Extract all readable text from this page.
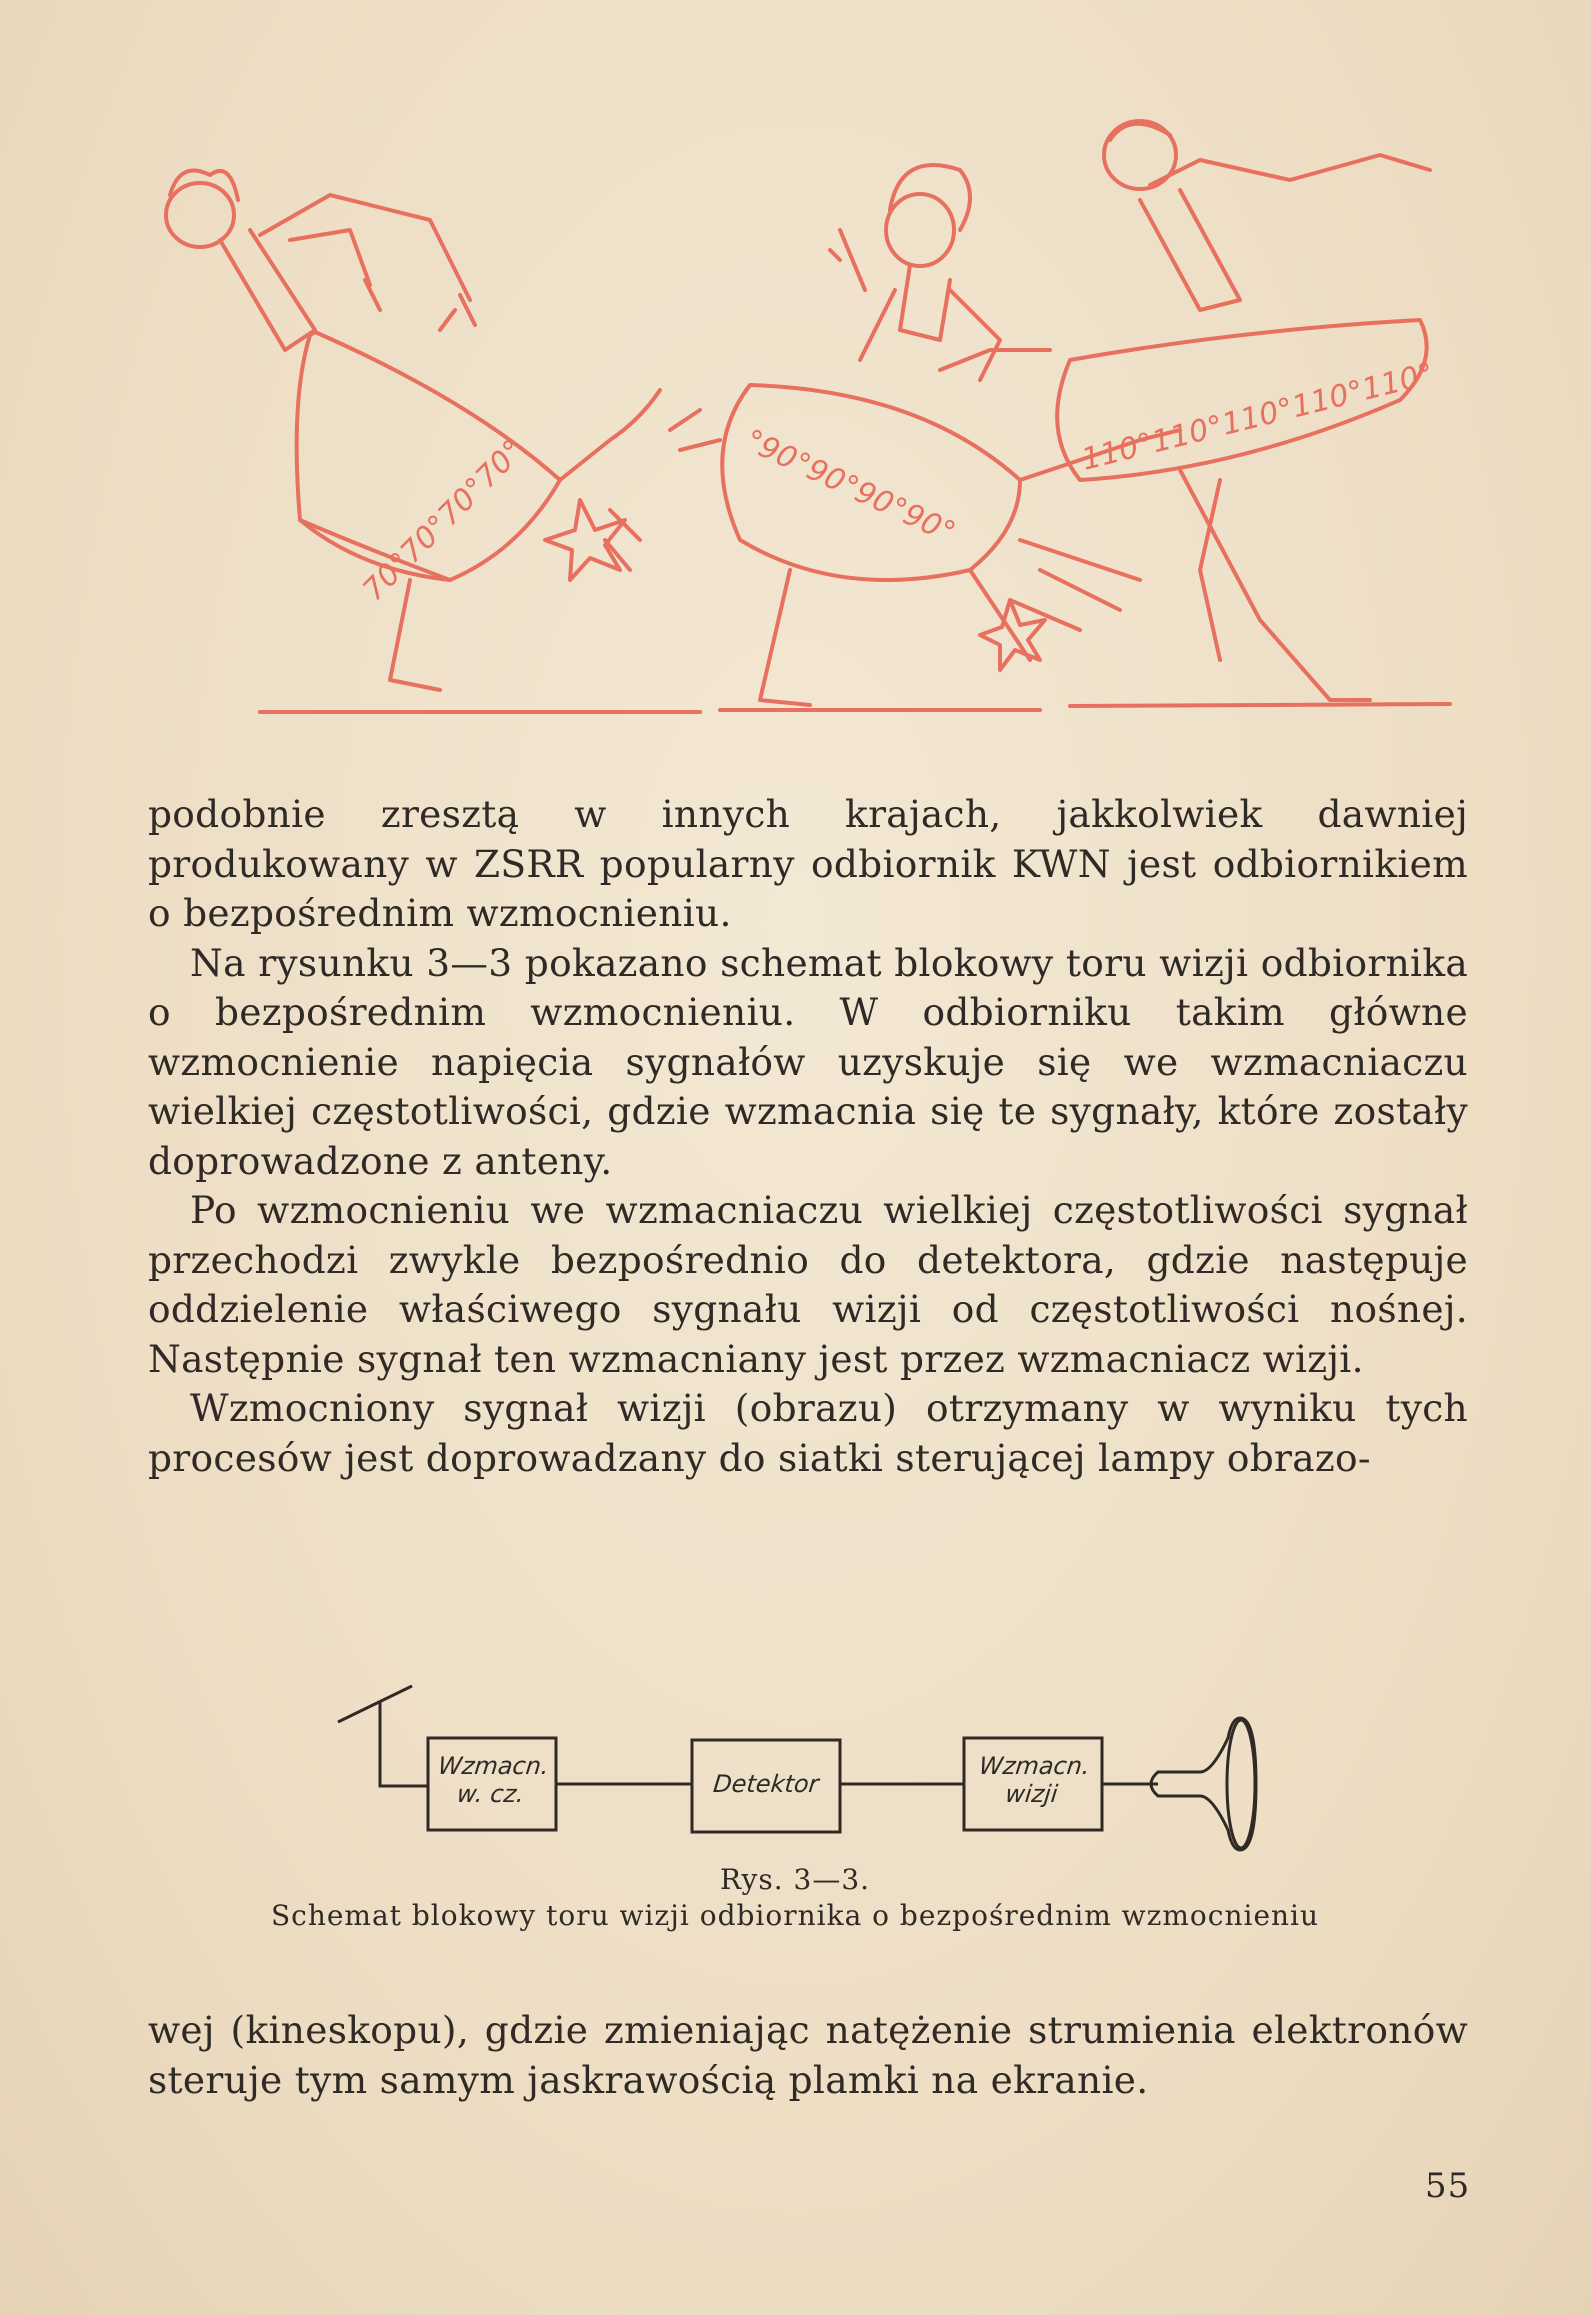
70°70°70°70°	°90°90°90°90°
110°110°110°110°110°

podobnie zresztą w innych krajach, jakkolwiek dawniej produkowany w ZSRR popularny odbiornik KWN jest odbiornikiem o bezpośrednim wzmocnieniu.

Na rysunku 3—3 pokazano schemat blokowy toru wizji odbiornika o bezpośrednim wzmocnieniu. W odbiorniku takim główne wzmocnienie napięcia sygnałów uzyskuje się we wzmacniaczu wielkiej częstotliwości, gdzie wzmacnia się te sygnały, które zostały doprowadzone z anteny.

Po wzmocnieniu we wzmacniaczu wielkiej częstotliwości sygnał przechodzi zwykle bezpośrednio do detektora, gdzie następuje oddzielenie właściwego sygnału wizji od częstotliwości nośnej. Następnie sygnał ten wzmacniany jest przez wzmacniacz wizji.

Wzmocniony sygnał wizji (obrazu) otrzymany w wyniku tych procesów jest doprowadzany do siatki sterującej lampy obrazo-

Wzmacn.
w. cz.	Detektor
Wzmacn.
wizji
Rys. 3—3.
Schemat blokowy toru wizji odbiornika o bezpośrednim wzmocnieniu

wej (kineskopu), gdzie zmieniając natężenie strumienia elektronów steruje tym samym jaskrawością plamki na ekranie.

55
